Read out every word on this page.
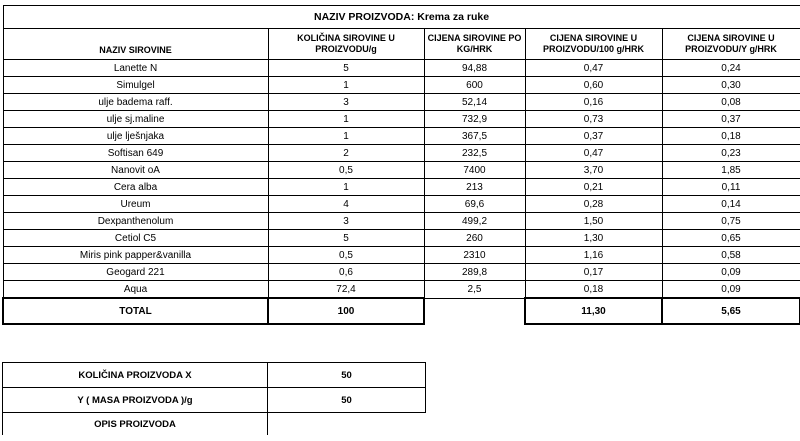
NAZIV PROIZVODA: Krema za ruke				
NAZIV SIROVINE	KOLIČINA SIROVINE U PROIZVODU/g	CIJENA SIROVINE PO KG/HRK	CIJENA SIROVINE U PROIZVODU/100 g/HRK	CIJENA SIROVINE U PROIZVODU/Y g/HRK
Lanette N	5	94,88	0,47	0,24
Simulgel	1	600	0,60	0,30
ulje badema raff.	3	52,14	0,16	0,08
ulje sj.maline	1	732,9	0,73	0,37
ulje lješnjaka	1	367,5	0,37	0,18
Softisan 649	2	232,5	0,47	0,23
Nanovit oA	0,5	7400	3,70	1,85
Cera alba	1	213	0,21	0,11
Ureum	4	69,6	0,28	0,14
Dexpanthenolum	3	499,2	1,50	0,75
Cetiol C5	5	260	1,30	0,65
Miris pink papper&vanilla	0,5	2310	1,16	0,58
Geogard 221	0,6	289,8	0,17	0,09
Aqua	72,4	2,5	0,18	0,09
TOTAL	100		11,30	5,65
KOLIČINA PROIZVODA X	50
Y ( MASA PROIZVODA )/g	50
OPIS PROIZVODA	
